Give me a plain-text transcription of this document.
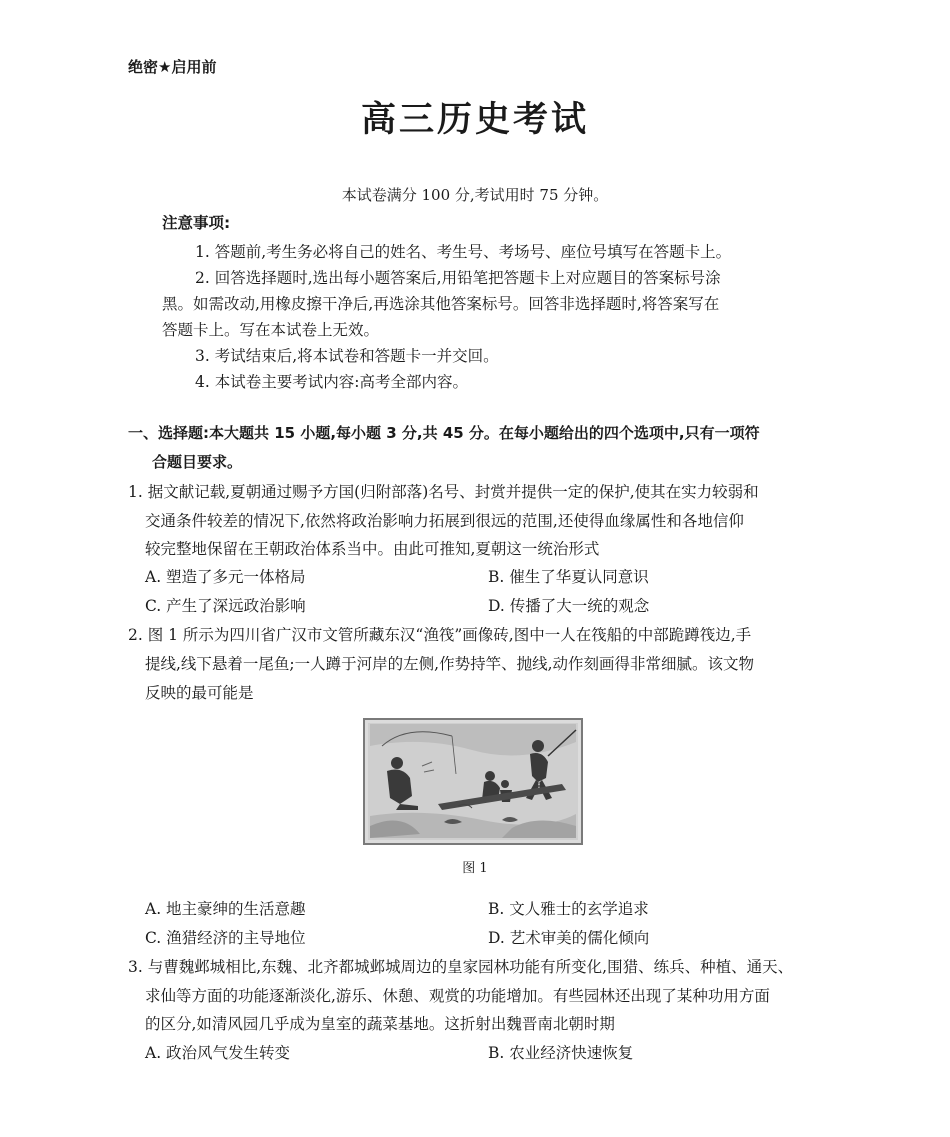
绝密★启用前
高三历史考试
本试卷满分 100 分,考试用时 75 分钟。
注意事项:
1. 答题前,考生务必将自己的姓名、考生号、考场号、座位号填写在答题卡上。
2. 回答选择题时,选出每小题答案后,用铅笔把答题卡上对应题目的答案标号涂
黑。如需改动,用橡皮擦干净后,再选涂其他答案标号。回答非选择题时,将答案写在
答题卡上。写在本试卷上无效。
3. 考试结束后,将本试卷和答题卡一并交回。
4. 本试卷主要考试内容:高考全部内容。
一、选择题:本大题共 15 小题,每小题 3 分,共 45 分。在每小题给出的四个选项中,只有一项符
合题目要求。
1. 据文献记载,夏朝通过赐予方国(归附部落)名号、封赏并提供一定的保护,使其在实力较弱和
交通条件较差的情况下,依然将政治影响力拓展到很远的范围,还使得血缘属性和各地信仰
较完整地保留在王朝政治体系当中。由此可推知,夏朝这一统治形式
A. 塑造了多元一体格局	B. 催生了华夏认同意识
C. 产生了深远政治影响	D. 传播了大一统的观念
2. 图 1 所示为四川省广汉市文管所藏东汉“渔筏”画像砖,图中一人在筏船的中部跪蹲筏边,手
提线,线下悬着一尾鱼;一人蹲于河岸的左侧,作势持竿、抛线,动作刻画得非常细腻。该文物
反映的最可能是
图 1
A. 地主豪绅的生活意趣	B. 文人雅士的玄学追求
C. 渔猎经济的主导地位	D. 艺术审美的儒化倾向
3. 与曹魏邺城相比,东魏、北齐都城邺城周边的皇家园林功能有所变化,围猎、练兵、种植、通天、
求仙等方面的功能逐渐淡化,游乐、休憩、观赏的功能增加。有些园林还出现了某种功用方面
的区分,如清风园几乎成为皇室的蔬菜基地。这折射出魏晋南北朝时期
A. 政治风气发生转变	B. 农业经济快速恢复
